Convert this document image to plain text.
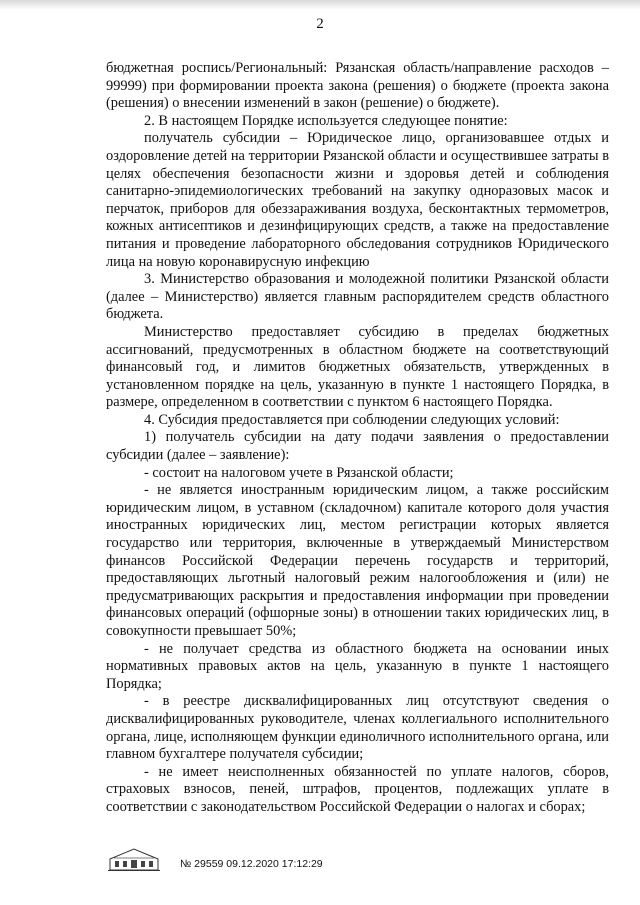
2

бюджетная роспись/Региональный: Рязанская область/направление расходов – 99999) при формировании проекта закона (решения) о бюджете (проекта закона (решения) о внесении изменений в закон (решение) о бюджете).

2. В настоящем Порядке используется следующее понятие:

получатель субсидии – Юридическое лицо, организовавшее отдых и оздоровление детей на территории Рязанской области и осуществившее затраты в целях обеспечения безопасности жизни и здоровья детей и соблюдения санитарно-эпидемиологических требований на закупку одноразовых масок и перчаток, приборов для обеззараживания воздуха, бесконтактных термометров, кожных антисептиков и дезинфицирующих средств, а также на предоставление питания и проведение лабораторного обследования сотрудников Юридического лица на новую коронавирусную инфекцию

3. Министерство образования и молодежной политики Рязанской области (далее – Министерство) является главным распорядителем средств областного бюджета.

Министерство предоставляет субсидию в пределах бюджетных ассигнований, предусмотренных в областном бюджете на соответствующий финансовый год, и лимитов бюджетных обязательств, утвержденных в установленном порядке на цель, указанную в пункте 1 настоящего Порядка, в размере, определенном в соответствии с пунктом 6 настоящего Порядка.

4. Субсидия предоставляется при соблюдении следующих условий:

1) получатель субсидии на дату подачи заявления о предоставлении субсидии (далее – заявление):

- состоит на налоговом учете в Рязанской области;

- не является иностранным юридическим лицом, а также российским юридическим лицом, в уставном (складочном) капитале которого доля участия иностранных юридических лиц, местом регистрации которых является государство или территория, включенные в утверждаемый Министерством финансов Российской Федерации перечень государств и территорий, предоставляющих льготный налоговый режим налогообложения и (или) не предусматривающих раскрытия и предоставления информации при проведении финансовых операций (офшорные зоны) в отношении таких юридических лиц, в совокупности превышает 50%;

- не получает средства из областного бюджета на основании иных нормативных правовых актов на цель, указанную в пункте 1 настоящего Порядка;

- в реестре дисквалифицированных лиц отсутствуют сведения о дисквалифицированных руководителе, членах коллегиального исполнительного органа, лице, исполняющем функции единоличного исполнительного органа, или главном бухгалтере получателя субсидии;

- не имеет неисполненных обязанностей по уплате налогов, сборов, страховых взносов, пеней, штрафов, процентов, подлежащих уплате в соответствии с законодательством Российской Федерации о налогах и сборах;

№ 29559 09.12.2020 17:12:29
